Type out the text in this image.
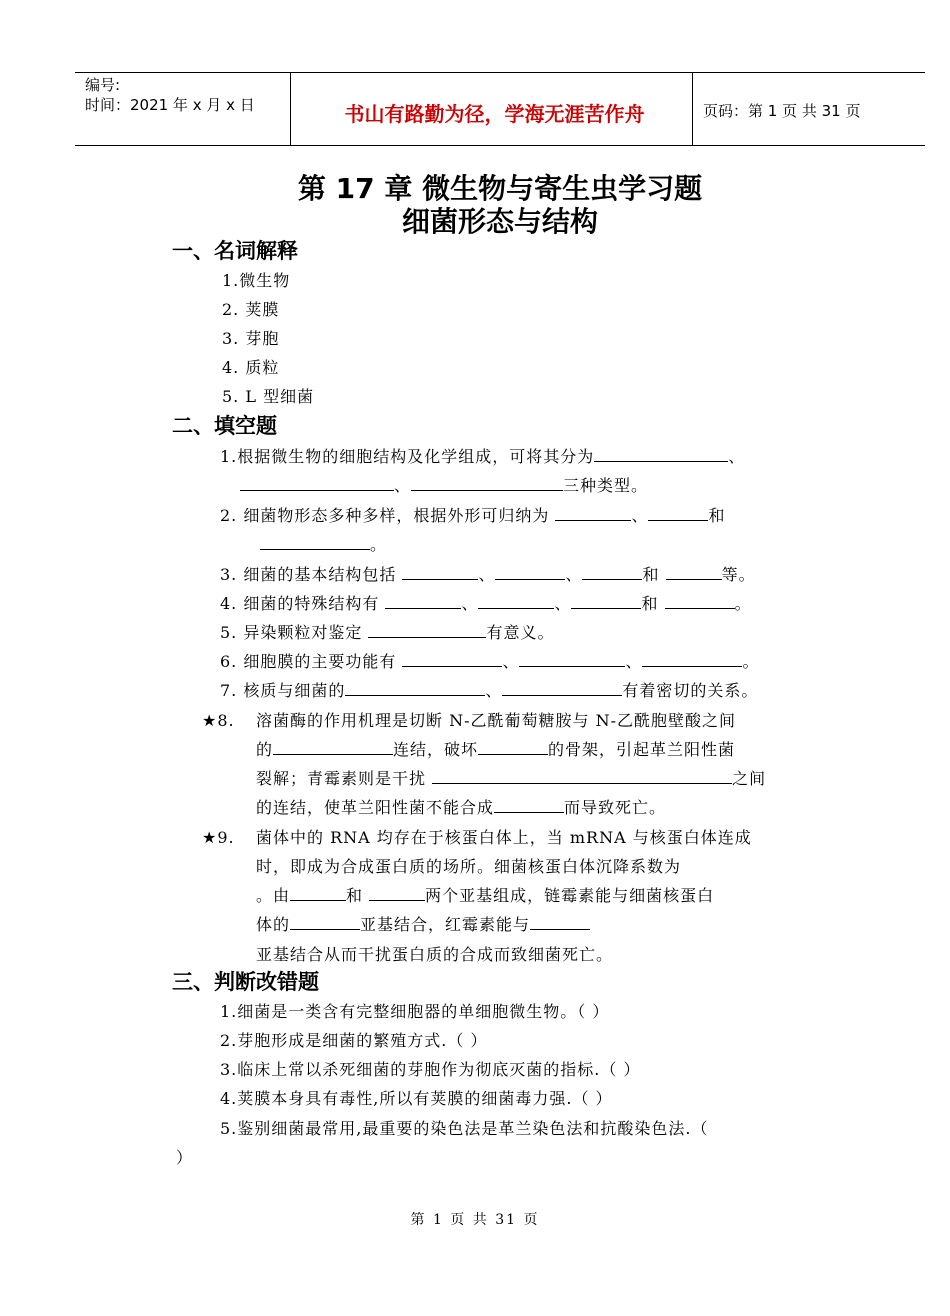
编号:
时间：2021 年 x 月 x 日	书山有路勤为径，学海无涯苦作舟	页码：第 1 页 共 31 页
第 17 章 微生物与寄生虫学习题
细菌形态与结构
一、名词解释
1.微生物
2. 荚膜
3. 芽胞
4. 质粒
5. L 型细菌
二、填空题
1.根据微生物的细胞结构及化学组成，可将其分为	、
、	三种类型。
2. 细菌物形态多种多样，根据外形可归纳为	、	和
。
3. 细菌的基本结构包括	、	、	和	等。
4. 细菌的特殊结构有	、	、	和	。
5. 异染颗粒对鉴定	有意义。
6. 细胞膜的主要功能有	、	、	。
7. 核质与细菌的	、	有着密切的关系。
★8. 溶菌酶的作用机理是切断 N-乙酰葡萄糖胺与 N-乙酰胞壁酸之间
的	连结，破坏	的骨架，引起革兰阳性菌
裂解；青霉素则是干扰	之间
的连结，使革兰阳性菌不能合成	而导致死亡。
★9. 菌体中的 RNA 均存在于核蛋白体上，当 mRNA 与核蛋白体连成
时，即成为合成蛋白质的场所。细菌核蛋白体沉降系数为
。由	和	两个亚基组成，链霉素能与细菌核蛋白
体的	亚基结合，红霉素能与
亚基结合从而干扰蛋白质的合成而致细菌死亡。
三、判断改错题
1.细菌是一类含有完整细胞器的单细胞微生物。（ ）
2.芽胞形成是细菌的繁殖方式.（ ）
3.临床上常以杀死细菌的芽胞作为彻底灭菌的指标.（ ）
4.荚膜本身具有毒性,所以有荚膜的细菌毒力强.（ ）
5.鉴别细菌最常用,最重要的染色法是革兰染色法和抗酸染色法.（
）
第 1 页 共 31 页
